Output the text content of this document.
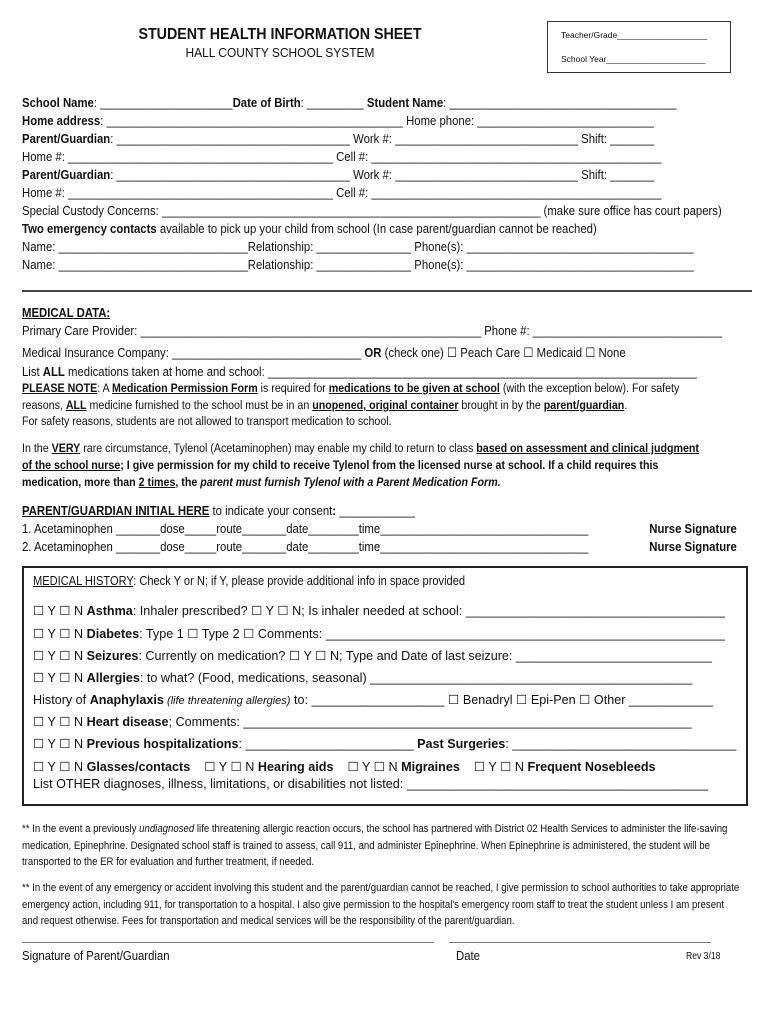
STUDENT HEALTH INFORMATION SHEET
HALL COUNTY SCHOOL SYSTEM
Teacher/Grade___________________
School Year_____________________
School Name: _____________________Date of Birth: _________ Student Name: ____________________________________
Home address: _______________________________________________ Home phone: ____________________________
Parent/Guardian: _____________________________________ Work #: _____________________________ Shift: _______
Home #: __________________________________________ Cell #: ______________________________________________
Parent/Guardian: _____________________________________ Work #: _____________________________ Shift: _______
Home #: __________________________________________ Cell #: ______________________________________________
Special Custody Concerns: ____________________________________________________________ (make sure office has court papers)
Two emergency contacts available to pick up your child from school (In case parent/guardian cannot be reached)
Name: ______________________________Relationship: _______________ Phone(s): ____________________________________
Name: ______________________________Relationship: _______________ Phone(s): ____________________________________
MEDICAL DATA:
Primary Care Provider: ______________________________________________________ Phone #: ______________________________
Medical Insurance Company: ______________________________ OR (check one) ☐ Peach Care ☐ Medicaid ☐ None
List ALL medications taken at home and school: ____________________________________________________________________
PLEASE NOTE: A Medication Permission Form is required for medications to be given at school (with the exception below). For safety
reasons, ALL medicine furnished to the school must be in an unopened, original container brought in by the parent/guardian.
For safety reasons, students are not allowed to transport medication to school.
In the VERY rare circumstance, Tylenol (Acetaminophen) may enable my child to return to class based on assessment and clinical judgment
of the school nurse; I give permission for my child to receive Tylenol from the licensed nurse at school. If a child requires this
medication, more than 2 times, the parent must furnish Tylenol with a Parent Medication Form.
PARENT/GUARDIAN INITIAL HERE to indicate your consent: ____________
1. Acetaminophen _______dose_____route_______date________time_________________________________	Nurse Signature
2. Acetaminophen _______dose_____route_______date________time_________________________________	Nurse Signature
MEDICAL HISTORY: Check Y or N; if Y, please provide additional info in space provided
☐ Y ☐ N Asthma: Inhaler prescribed? ☐ Y ☐ N; Is inhaler needed at school: _____________________________________
☐ Y ☐ N Diabetes: Type 1 ☐ Type 2 ☐ Comments: _________________________________________________________
☐ Y ☐ N Seizures: Currently on medication? ☐ Y ☐ N; Type and Date of last seizure: ____________________________
☐ Y ☐ N Allergies: to what? (Food, medications, seasonal) ______________________________________________
History of Anaphylaxis (life threatening allergies) to: ___________________ ☐ Benadryl ☐ Epi-Pen ☐ Other ____________
☐ Y ☐ N Heart disease; Comments: ________________________________________________________________
☐ Y ☐ N Previous hospitalizations: ________________________ Past Surgeries: ________________________________
☐ Y ☐ N Glasses/contacts    ☐ Y ☐ N Hearing aids    ☐ Y ☐ N Migraines    ☐ Y ☐ N Frequent Nosebleeds
List OTHER diagnoses, illness, limitations, or disabilities not listed: ___________________________________________
** In the event a previously undiagnosed life threatening allergic reaction occurs, the school has partnered with District 02 Health Services to administer the life-saving medication, Epinephrine. Designated school staff is trained to assess, call 911, and administer Epinephrine. When Epinephrine is administered, the student will be transported to the ER for evaluation and further treatment, if needed.
** In the event of any emergency or accident involving this student and the parent/guardian cannot be reached, I give permission to school authorities to take appropriate emergency action, including 911, for transportation to a hospital. I also give permission to the hospital's emergency room staff to treat the student unless I am present and request otherwise. Fees for transportation and medical services will be the responsibility of the parent/guardian.
Signature of Parent/Guardian	Date	Rev 3/18
